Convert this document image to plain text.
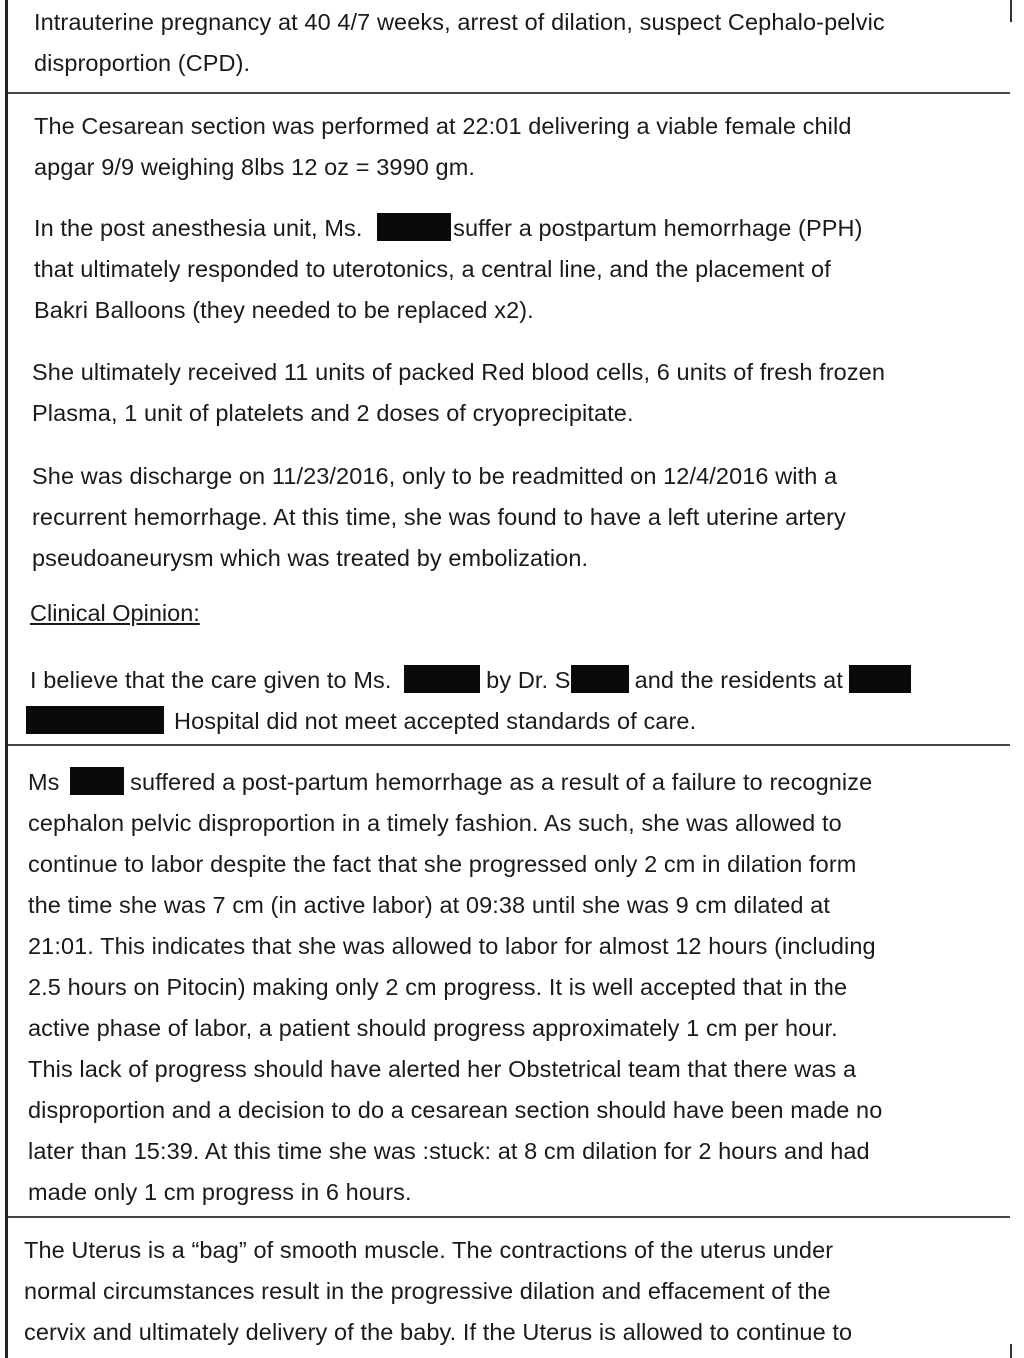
Intrauterine pregnancy at 40 4/7 weeks, arrest of dilation, suspect Cephalo-pelvic
disproportion (CPD).
The Cesarean section was performed at 22:01 delivering a viable female child
apgar 9/9 weighing 8lbs 12 oz = 3990 gm.
In the post anesthesia unit, Ms.	suffer a postpartum hemorrhage (PPH)
that ultimately responded to uterotonics, a central line, and the placement of
Bakri Balloons (they needed to be replaced x2).
She ultimately received 11 units of packed Red blood cells, 6 units of fresh frozen
Plasma, 1 unit of platelets and 2 doses of cryoprecipitate.
She was discharge on 11/23/2016, only to be readmitted on 12/4/2016 with a
recurrent hemorrhage. At this time, she was found to have a left uterine artery
pseudoaneurysm which was treated by embolization.
Clinical Opinion:
I believe that the care given to Ms.	by Dr. S	and the residents at
Hospital did not meet accepted standards of care.
Ms	suffered a post-partum hemorrhage as a result of a failure to recognize
cephalon pelvic disproportion in a timely fashion. As such, she was allowed to
continue to labor despite the fact that she progressed only 2 cm in dilation form
the time she was 7 cm (in active labor) at 09:38 until she was 9 cm dilated at
21:01. This indicates that she was allowed to labor for almost 12 hours (including
2.5 hours on Pitocin) making only 2 cm progress. It is well accepted that in the
active phase of labor, a patient should progress approximately 1 cm per hour.
This lack of progress should have alerted her Obstetrical team that there was a
disproportion and a decision to do a cesarean section should have been made no
later than 15:39. At this time she was :stuck: at 8 cm dilation for 2 hours and had
made only 1 cm progress in 6 hours.
The Uterus is a “bag” of smooth muscle. The contractions of the uterus under
normal circumstances result in the progressive dilation and effacement of the
cervix and ultimately delivery of the baby. If the Uterus is allowed to continue to
